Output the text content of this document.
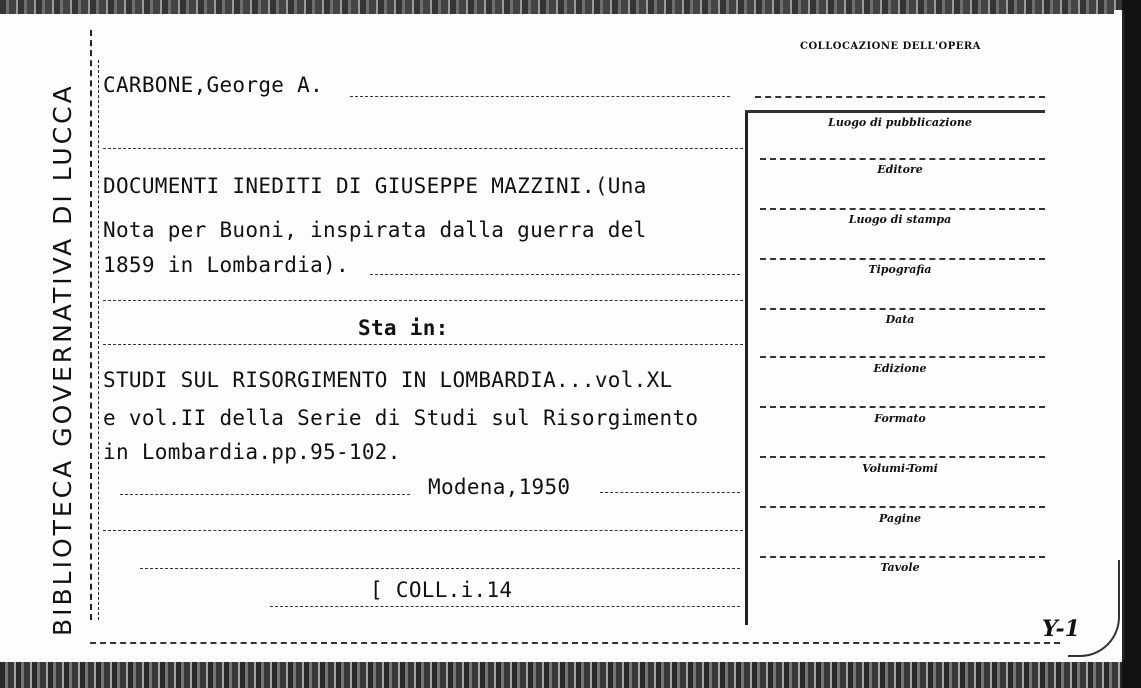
BIBLIOTECA GOVERNATIVA DI LUCCA CARBONE,George A.
DOCUMENTI INEDITI DI GIUSEPPE MAZZINI.(Una
Nota per Buoni, inspirata dalla guerra del
1859 in Lombardia).
Sta in:
STUDI SUL RISORGIMENTO IN LOMBARDIA...vol.XL
e vol.II della Serie di Studi sul Risorgimento
in Lombardia.pp.95-102.
Modena,1950
[ COLL.i.14
COLLOCAZIONE DELL'OPERA
Luogo di pubblicazione
Editore
Luogo di stampa
Tipografia
Data
Edizione
Formato
Volumi-Tomi
Pagine
Tavole
Y-1
